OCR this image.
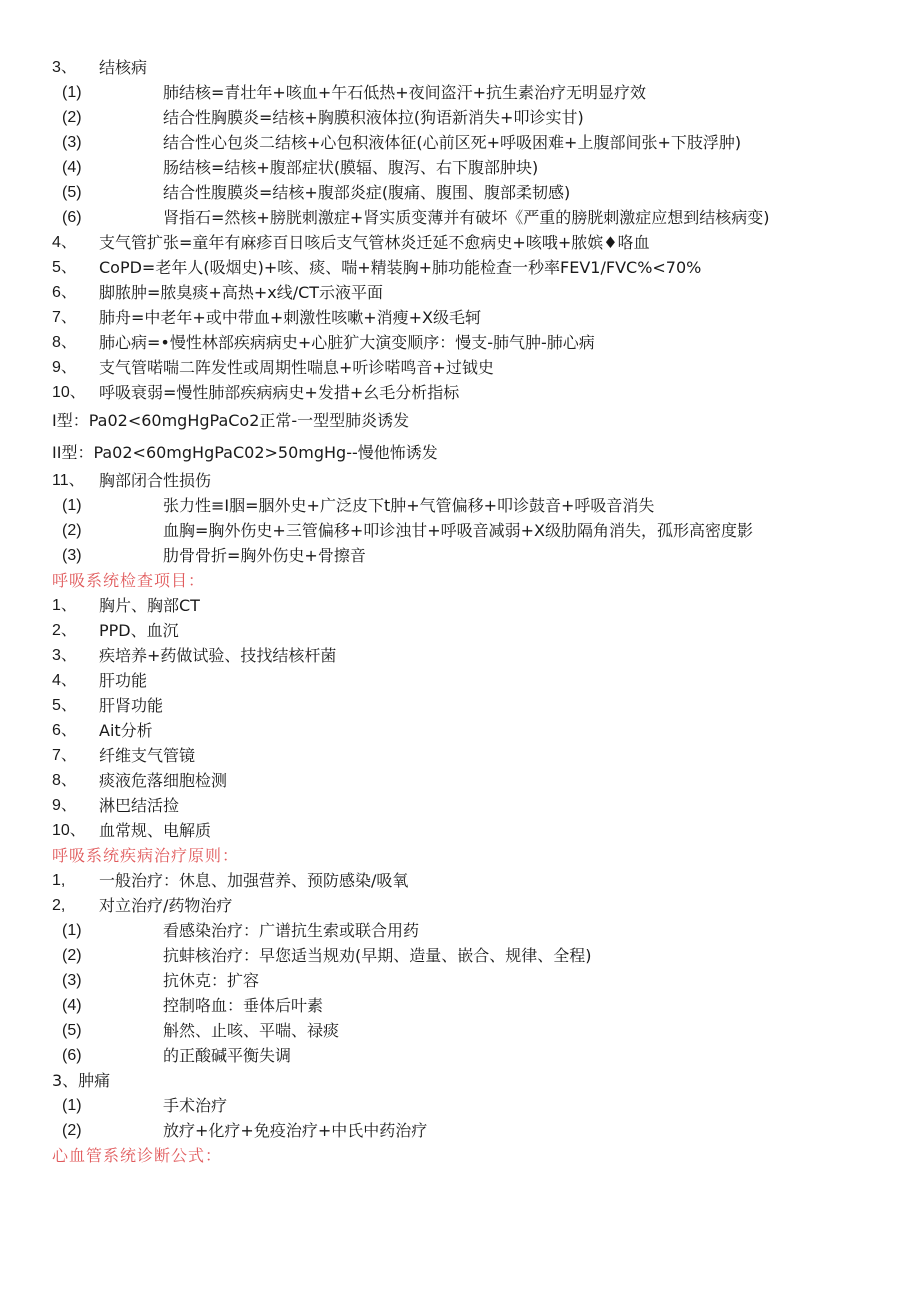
3、 结核病
(1)	肺结核=青壮年+咳血+午石低热+夜间盗汗+抗生素治疗无明显疗效
(2)	结合性胸膜炎=结核+胸膜积液体拉(狗语新消失+叩诊实甘)
(3)	结合性心包炎二结核+心包积液体征(心前区死+呼吸困难+上腹部间张+下肢浮肿)
(4)	肠结核=结核+腹部症状(膜辐、腹泻、右下腹部肿块)
(5)	结合性腹膜炎=结核+腹部炎症(腹痛、腹围、腹部柔韧感)
(6)	肾指石=然核+膀胱刺激症+肾实质变薄并有破坏《严重的膀胱刺激症应想到结核病变)
4、 支气管扩张=童年有麻疹百日咳后支气管林炎迁延不愈病史+咳哦+脓嫔♦咯血
5、 CoPD=老年人(吸烟史)+咳、痰、喘+精装胸+肺功能检查一秒率FEV1/FVC%<70%
6、 脚脓肿=脓臭痰+高热+x线/CT示液平面
7、 肺舟=中老年+或中带血+刺激性咳嗽+消瘦+X级毛轲
8、 肺心病=•慢性林部疾病病史+心脏犷大演变顺序：慢支-肺气肿-肺心病
9、 支气管喏喘二阵发性或周期性喘息+听诊喏鸣音+过钺史
10、 呼吸衰弱=慢性肺部疾病病史+发措+幺毛分析指标
I型：Pa02<60mgHgPaCo2正常-一型型肺炎诱发
II型：Pa02<60mgHgPaC02>50mgHg--慢他怖诱发
11、 胸部闭合性损伤
(1)	张力性≡I胭=胭外史+广泛皮下t肿+气管偏移+叩诊鼓音+呼吸音消失
(2)	血胸=胸外伤史+三管偏移+叩诊浊甘+呼吸音减弱+X级肋隔角消失，孤形高密度影
(3)	肋骨骨折=胸外伤史+骨擦音
呼吸系统检查项目：
1、 胸片、胸部CT
2、 PPD、血沉
3、 疾培养+药做试验、技找结核杆菌
4、 肝功能
5、 肝肾功能
6、 Ait分析
7、 纤维支气管镜
8、 痰液危落细胞检测
9、 淋巴结活捡
10、 血常规、电解质
呼吸系统疾病治疗原则：
1, 一般治疗：休息、加强营养、预防感染/吸氧
2, 对立治疗/药物治疗
(1)	看感染治疗：广谱抗生索或联合用药
(2)	抗蚌核治疗：早您适当规劝(早期、造量、嵌合、规律、全程)
(3)	抗休克：扩容
(4)	控制咯血：垂体后叶素
(5)	斛然、止咳、平喘、禄痰
(6)	的正酸碱平衡失调
3、肿痛
(1)	手术治疗
(2)	放疗+化疗+免疫治疗+中氏中药治疗
心血管系统诊断公式：
